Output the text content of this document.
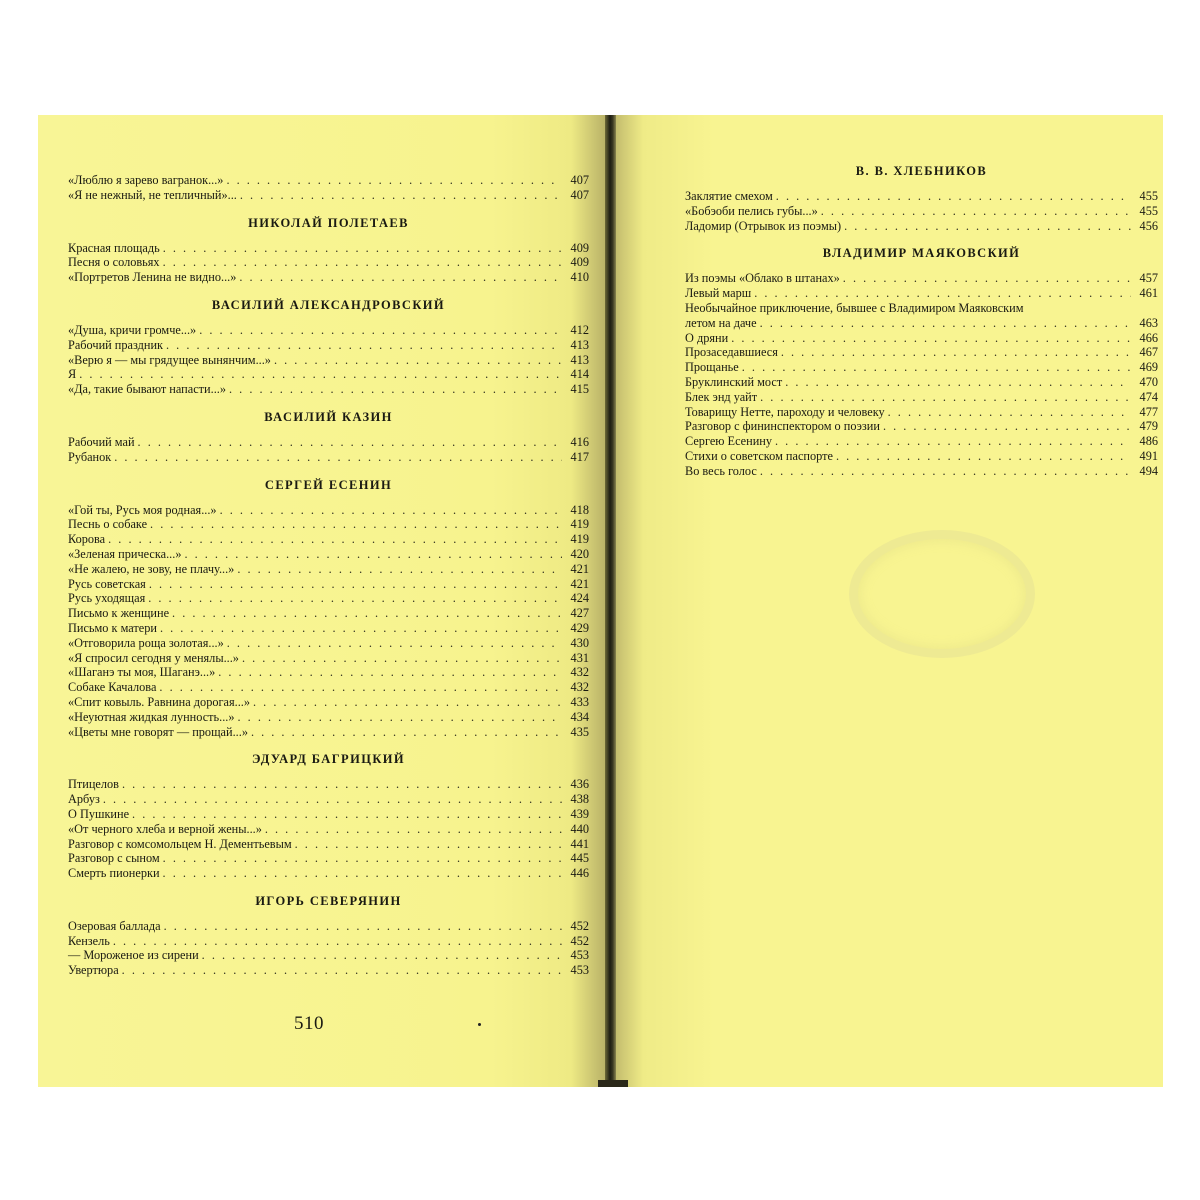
«Люблю я зарево вагранок...» . . .	407
«Я не нежный, не тепличный»... . . .	407
НИКОЛАЙ ПОЛЕТАЕВ
Красная площадь . . .	409
Песня о соловьях . . .	409
«Портретов Ленина не видно...» . . .	410
ВАСИЛИЙ АЛЕКСАНДРОВСКИЙ
«Душа, кричи громче...» . . .	412
Рабочий праздник . . .	413
«Верю я — мы грядущее вынянчим...» . . .	413
Я . . .	414
«Да, такие бывают напасти...» . . .	415
ВАСИЛИЙ КАЗИН
Рабочий май . . .	416
Рубанок . . .	417
СЕРГЕЙ ЕСЕНИН
«Гой ты, Русь моя родная...» . . .	418
Песнь о собаке . . .	419
Корова . . .	419
«Зеленая прическа...» . . .	420
«Не жалею, не зову, не плачу...» . . .	421
Русь советская . . .	421
Русь уходящая . . .	424
Письмо к женщине . . .	427
Письмо к матери . . .	429
«Отговорила роща золотая...» . . .	430
«Я спросил сегодня у менялы...» . . .	431
«Шаганэ ты моя, Шаганэ...» . . .	432
Собаке Качалова . . .	432
«Спит ковыль. Равнина дорогая...» . . .	433
«Неуютная жидкая лунность...» . . .	434
«Цветы мне говорят — прощай...» . . .	435
ЭДУАРД БАГРИЦКИЙ
Птицелов . . .	436
Арбуз . . .	438
О Пушкине . . .	439
«От черного хлеба и верной жены...» . . .	440
Разговор с комсомольцем Н. Дементьевым . . .	441
Разговор с сыном . . .	445
Смерть пионерки . . .	446
ИГОРЬ СЕВЕРЯНИН
Озеровая баллада . . .	452
Кензель . . .	452
— Мороженое из сирени . . .	453
Увертюра . . .	453
510
В. В. ХЛЕБНИКОВ
Заклятие смехом . . .	455
«Бобэоби пелись губы...» . . .	455
Ладомир (Отрывок из поэмы) . . .	456
ВЛАДИМИР МАЯКОВСКИЙ
Из поэмы «Облако в штанах» . . .	457
Левый марш . . .	461
Необычайное приключение, бывшее с Владимиром Маяковским
летом на даче . . .	463
О дряни . . .	466
Прозаседавшиеся . . .	467
Прощанье . . .	469
Бруклинский мост . . .	470
Блек энд уайт . . .	474
Товарищу Нетте, пароходу и человеку . . .	477
Разговор с фининспектором о поэзии . . .	479
Сергею Есенину . . .	486
Стихи о советском паспорте . . .	491
Во весь голос . . .	494
